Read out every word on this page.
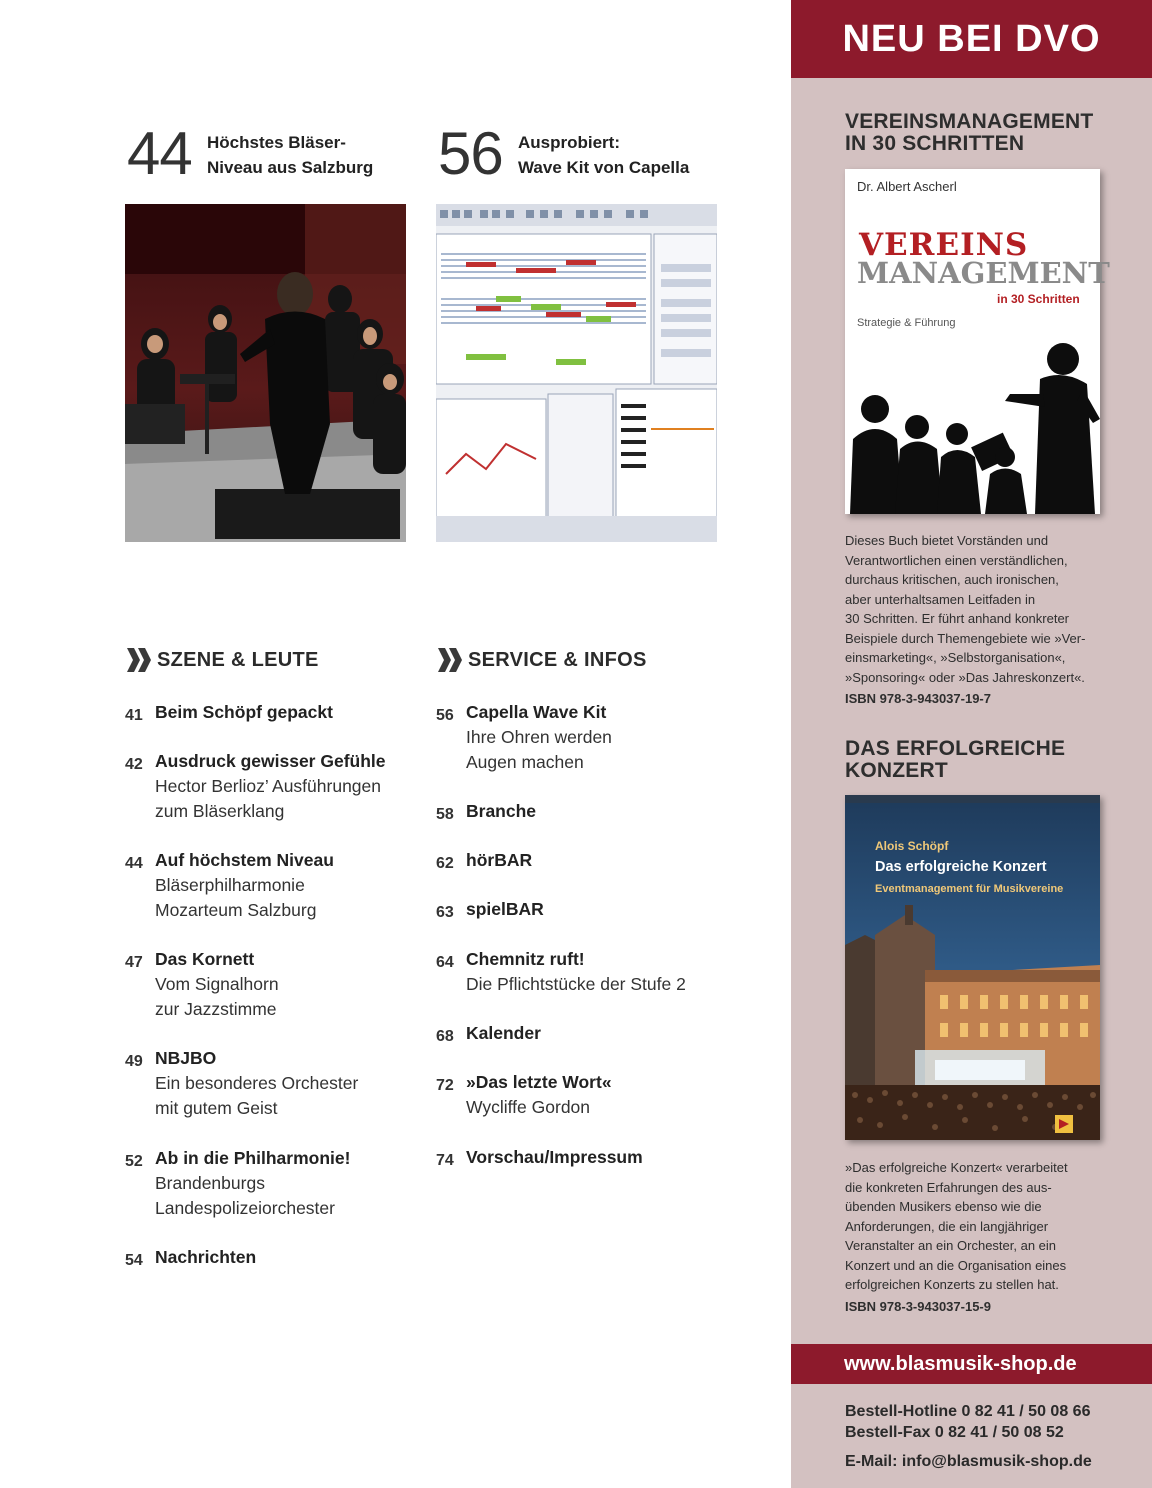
44 Höchstes Bläser-
Niveau aus Salzburg 56 Ausprobiert:
Wave Kit von Capella
SZENE & LEUTE
41 Beim Schöpf gepackt
42 Ausdruck gewisser Gefühle
Hector Berlioz’ Ausführungen
zum Bläserklang
44 Auf höchstem Niveau
Bläserphilharmonie
Mozarteum Salzburg
47 Das Kornett
Vom Signalhorn
zur Jazzstimme
49 NBJBO
Ein besonderes Orchester
mit gutem Geist
52 Ab in die Philharmonie!
Brandenburgs
Landespolizeiorchester
54 Nachrichten
SERVICE & INFOS
56 Capella Wave Kit
Ihre Ohren werden
Augen machen
58 Branche
62 hörBAR
63 spielBAR
64 Chemnitz ruft!
Die Pflichtstücke der Stufe 2
68 Kalender
72 »Das letzte Wort«
Wycliffe Gordon
74 Vorschau/Impressum
NEU BEI DVO
VEREINSMANAGEMENT
IN 30 SCHRITTEN
Dr. Albert Ascherl
VEREINS
MANAGEMENT
in 30 Schritten
Strategie & Führung
Dieses Buch bietet Vorständen und
Verantwortlichen einen verständlichen,
durchaus kritischen, auch ironischen,
aber unterhaltsamen Leitfaden in
30 Schritten. Er führt anhand konkreter
Beispiele durch Themengebiete wie »Ver-
einsmarketing«, »Selbstorganisation«,
»Sponsoring« oder »Das Jahreskonzert«.
ISBN 978-3-943037-19-7
DAS ERFOLGREICHE
KONZERT
Alois Schöpf
Das erfolgreiche Konzert
Eventmanagement für Musikvereine
»Das erfolgreiche Konzert« verarbeitet
die konkreten Erfahrungen des aus-
übenden Musikers ebenso wie die
Anforderungen, die ein langjähriger
Veranstalter an ein Orchester, an ein
Konzert und an die Organisation eines
erfolgreichen Konzerts zu stellen hat.
ISBN 978-3-943037-15-9
www.blasmusik-shop.de
Bestell-Hotline 0 82 41 / 50 08 66
Bestell-Fax 0 82 41 / 50 08 52
E-Mail: info@blasmusik-shop.de
